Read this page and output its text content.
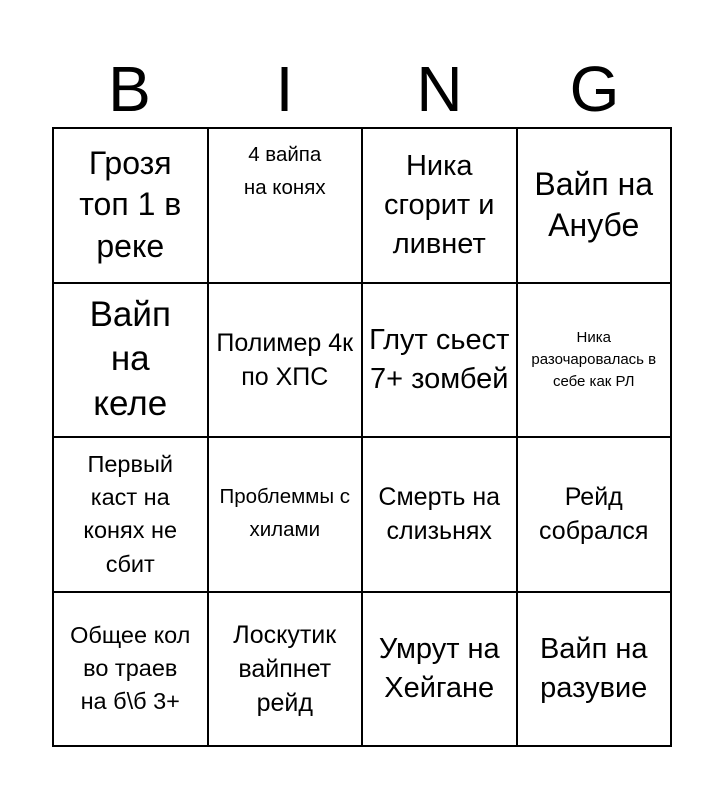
B	I	N	G
Грозя топ 1 в реке
4 вайпа на конях
Ника сгорит и ливнет
Вайп на Анубе
Вайп на келе
Полимер 4к по ХПС
Глут сьест 7+ зомбей
Ника разочаровалась в себе как РЛ
Первый каст на конях не сбит
Проблеммы с хилами
Смерть на слизьнях
Рейд собрался
Общее кол во траев на б\б 3+
Лоскутик вайпнет рейд
Умрут на Хейгане
Вайп на разувие
